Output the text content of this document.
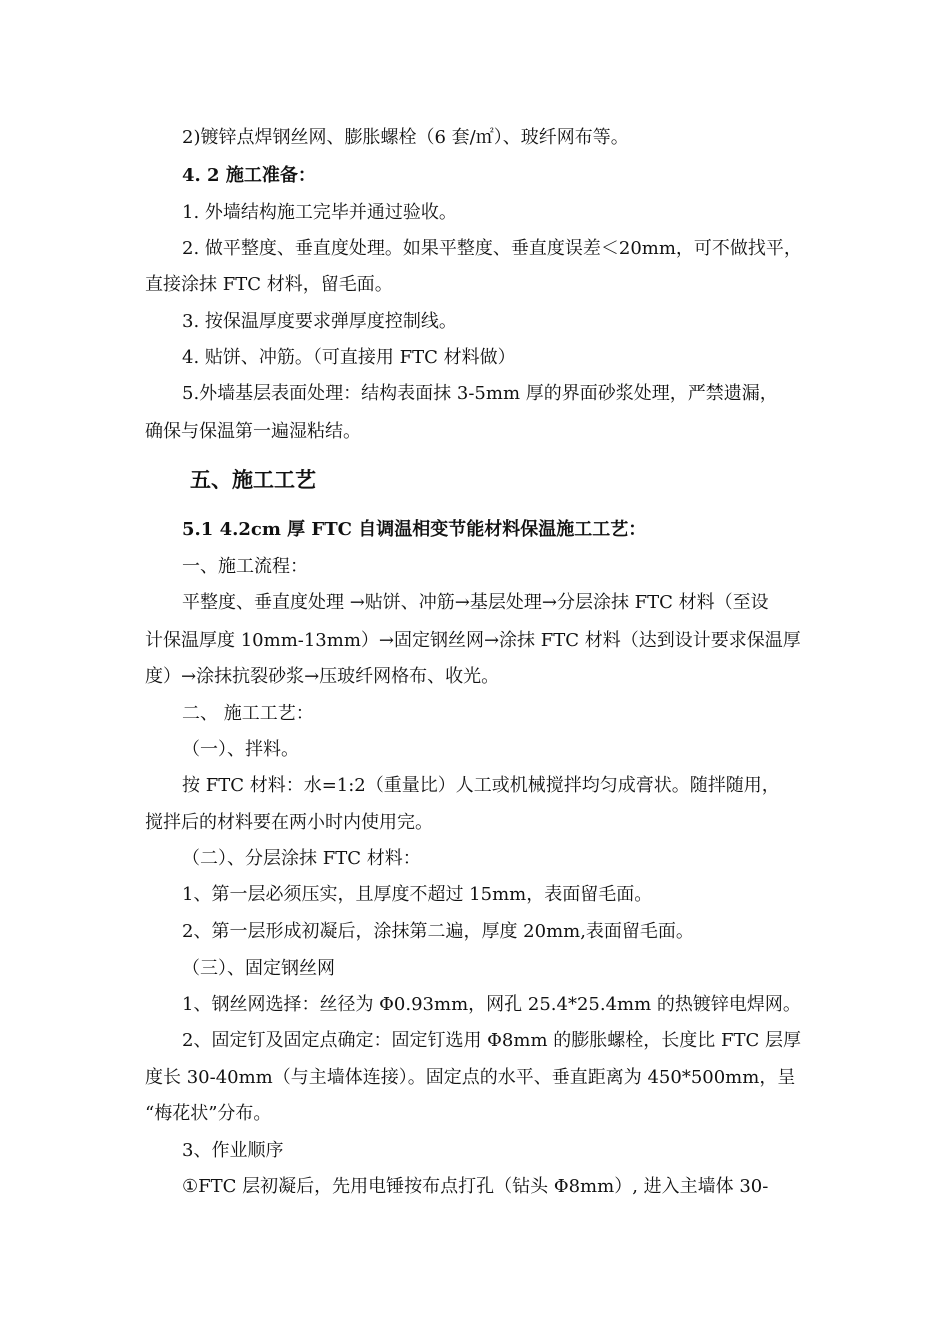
2)镀锌点焊钢丝网、膨胀螺栓（6 套/㎡）、玻纤网布等。
4. 2 施工准备：
1. 外墙结构施工完毕并通过验收。
2. 做平整度、垂直度处理。如果平整度、垂直度误差＜20mm，可不做找平，
直接涂抹 FTC 材料，留毛面。
3. 按保温厚度要求弹厚度控制线。
4. 贴饼、冲筋。（可直接用 FTC 材料做）
5.外墙基层表面处理：结构表面抹 3-5mm 厚的界面砂浆处理，严禁遗漏，
确保与保温第一遍湿粘结。
五、施工工艺
5.1 4.2cm 厚 FTC 自调温相变节能材料保温施工工艺：
一、施工流程：
平整度、垂直度处理 →贴饼、冲筋→基层处理→分层涂抹 FTC 材料（至设
计保温厚度 10mm-13mm）→固定钢丝网→涂抹 FTC 材料（达到设计要求保温厚
度）→涂抹抗裂砂浆→压玻纤网格布、收光。
二、 施工工艺：
（一）、拌料。
按 FTC 材料：水=1:2（重量比）人工或机械搅拌均匀成膏状。随拌随用，
搅拌后的材料要在两小时内使用完。
（二）、分层涂抹 FTC 材料：
1、第一层必须压实，且厚度不超过 15mm，表面留毛面。
2、第一层形成初凝后，涂抹第二遍，厚度 20mm,表面留毛面。
（三）、固定钢丝网
1、钢丝网选择：丝径为 Φ0.93mm，网孔 25.4*25.4mm 的热镀锌电焊网。
2、固定钉及固定点确定：固定钉选用 Φ8mm 的膨胀螺栓，长度比 FTC 层厚
度长 30-40mm（与主墙体连接）。固定点的水平、垂直距离为 450*500mm，呈
“梅花状”分布。
3、作业顺序
①FTC 层初凝后，先用电锤按布点打孔（钻头 Φ8mm）, 进入主墙体 30-
